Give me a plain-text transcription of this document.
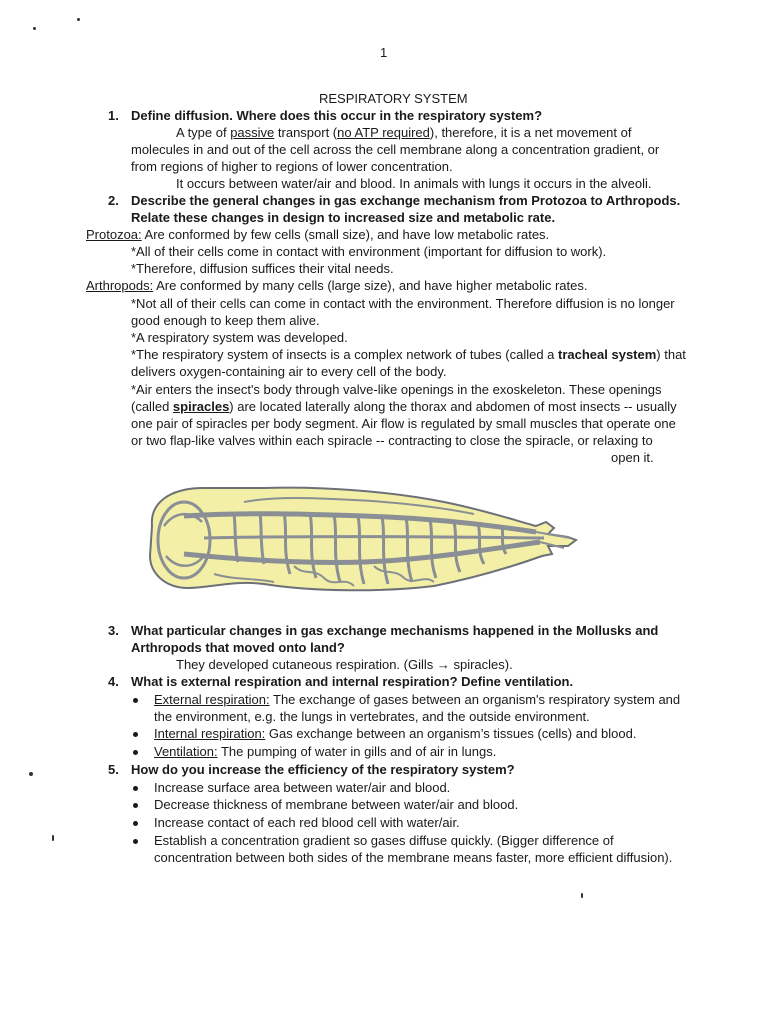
1
RESPIRATORY SYSTEM
1. Define diffusion. Where does this occur in the respiratory system?
A type of passive transport (no ATP required), therefore, it is a net movement of
molecules in and out of the cell across the cell membrane along a concentration gradient, or
from regions of higher to regions of lower concentration.
It occurs between water/air and blood. In animals with lungs it occurs in the alveoli.
2. Describe the general changes in gas exchange mechanism from Protozoa to Arthropods.
Relate these changes in design to increased size and metabolic rate.
Protozoa: Are conformed by few cells (small size), and have low metabolic rates.
*All of their cells come in contact with environment (important for diffusion to work).
*Therefore, diffusion suffices their vital needs.
Arthropods: Are conformed by many cells (large size), and have higher metabolic rates.
*Not all of their cells can come in contact with the environment. Therefore diffusion is no longer
good enough to keep them alive.
*A respiratory system was developed.
*The respiratory system of insects is a complex network of tubes (called a tracheal system) that
delivers oxygen-containing air to every cell of the body.
*Air enters the insect's body through valve-like openings in the exoskeleton. These openings
(called spiracles) are located laterally along the thorax and abdomen of most insects -- usually
one pair of spiracles per body segment. Air flow is regulated by small muscles that operate one
or two flap-like valves within each spiracle -- contracting to close the spiracle, or relaxing to
open it.
3. What particular changes in gas exchange mechanisms happened in the Mollusks and
Arthropods that moved onto land?
They developed cutaneous respiration. (Gills → spiracles).
4. What is external respiration and internal respiration? Define ventilation.
External respiration: The exchange of gases between an organism's respiratory system and
the environment, e.g. the lungs in vertebrates, and the outside environment.
Internal respiration: Gas exchange between an organism’s tissues (cells) and blood.
Ventilation: The pumping of water in gills and of air in lungs.
5. How do you increase the efficiency of the respiratory system?
Increase surface area between water/air and blood.
Decrease thickness of membrane between water/air and blood.
Increase contact of each red blood cell with water/air.
Establish a concentration gradient so gases diffuse quickly. (Bigger difference of
concentration between both sides of the membrane means faster, more efficient diffusion).
